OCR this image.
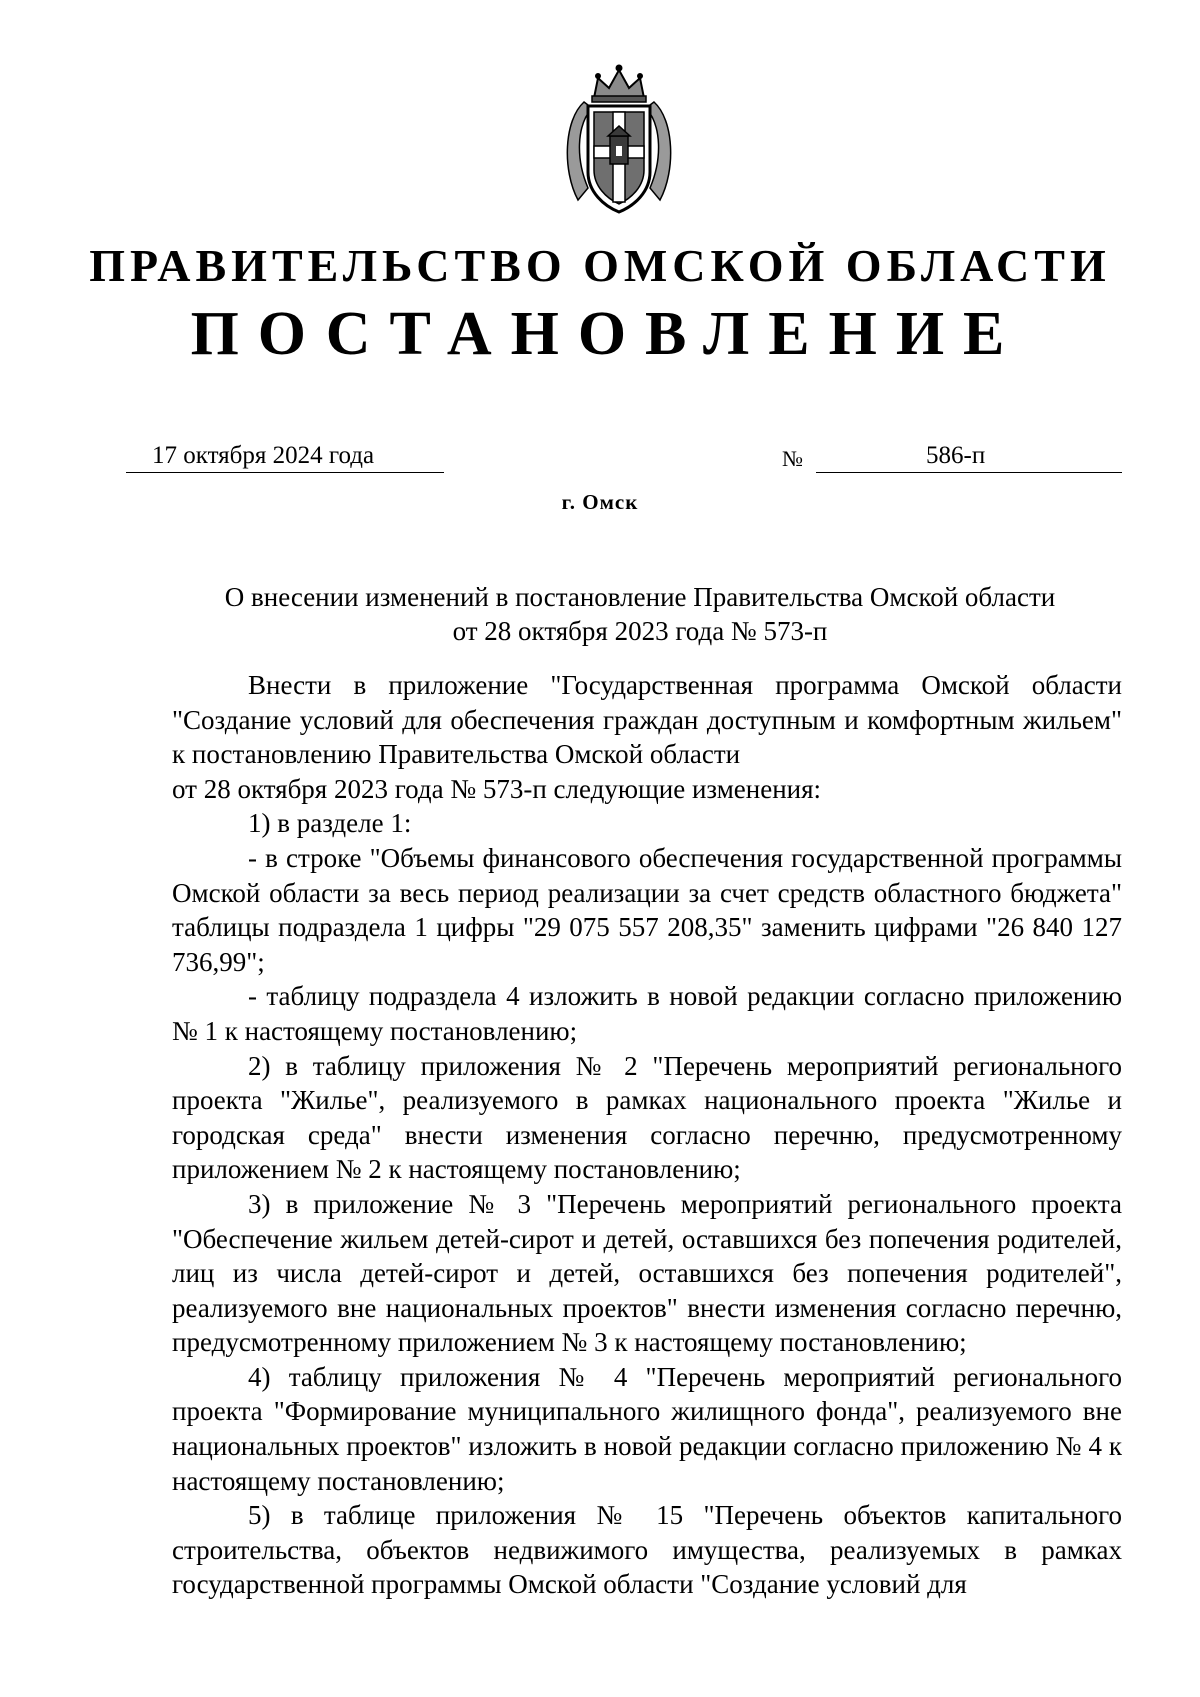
ПРАВИТЕЛЬСТВО ОМСКОЙ ОБЛАСТИ
ПОСТАНОВЛЕНИЕ
17 октября 2024 года	№	586-п
г. Омск
О внесении изменений в постановление Правительства Омской области
от 28 октября 2023 года № 573-п

Внести в приложение "Государственная программа Омской области "Создание условий для обеспечения граждан доступным и комфортным жильем" к постановлению Правительства Омской области

от 28 октября 2023 года № 573-п следующие изменения:

1) в разделе 1:

- в строке "Объемы финансового обеспечения государственной программы Омской области за весь период реализации за счет средств областного бюджета" таблицы подраздела 1 цифры "29 075 557 208,35" заменить цифрами "26 840 127 736,99";

- таблицу подраздела 4 изложить в новой редакции согласно приложению № 1 к настоящему постановлению;

2) в таблицу приложения № 2 "Перечень мероприятий регионального проекта "Жилье", реализуемого в рамках национального проекта "Жилье и городская среда" внести изменения согласно перечню, предусмотренному приложением № 2 к настоящему постановлению;

3) в приложение № 3 "Перечень мероприятий регионального проекта "Обеспечение жильем детей-сирот и детей, оставшихся без попечения родителей, лиц из числа детей-сирот и детей, оставшихся без попечения родителей", реализуемого вне национальных проектов" внести изменения согласно перечню, предусмотренному приложением № 3 к настоящему постановлению;

4) таблицу приложения № 4 "Перечень мероприятий регионального проекта "Формирование муниципального жилищного фонда", реализуемого вне национальных проектов" изложить в новой редакции согласно приложению № 4 к настоящему постановлению;

5) в таблице приложения № 15 "Перечень объектов капитального строительства, объектов недвижимого имущества, реализуемых в рамках государственной программы Омской области "Создание условий для
